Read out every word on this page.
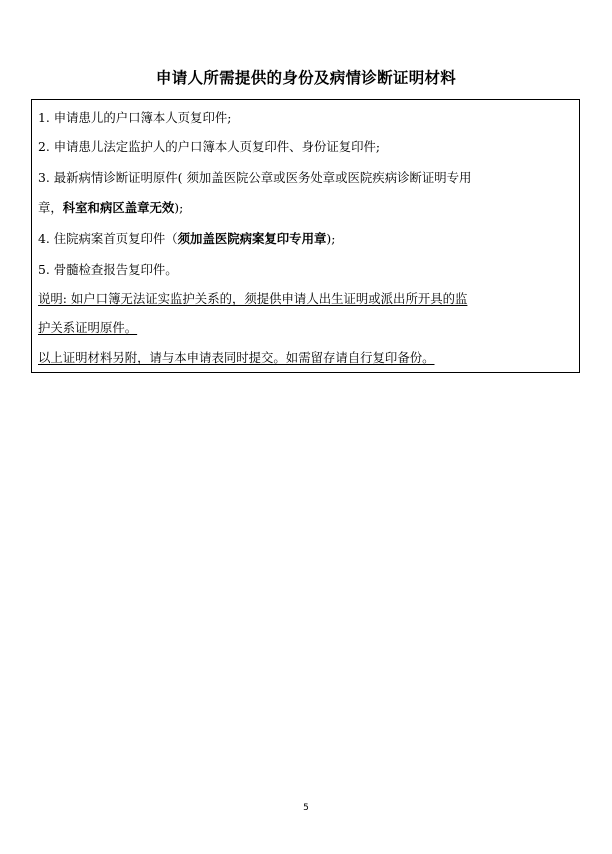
申请人所需提供的身份及病情诊断证明材料
1. 申请患儿的户口簿本人页复印件;
2. 申请患儿法定监护人的户口簿本人页复印件、身份证复印件;
3. 最新病情诊断证明原件( 须加盖医院公章或医务处章或医院疾病诊断证明专用
章，科室和病区盖章无效);
4. 住院病案首页复印件（须加盖医院病案复印专用章);
5. 骨髓检查报告复印件。
说明: 如户口簿无法证实监护关系的，须提供申请人出生证明或派出所开具的监
护关系证明原件。
以上证明材料另附，请与本申请表同时提交。如需留存请自行复印备份。
5
